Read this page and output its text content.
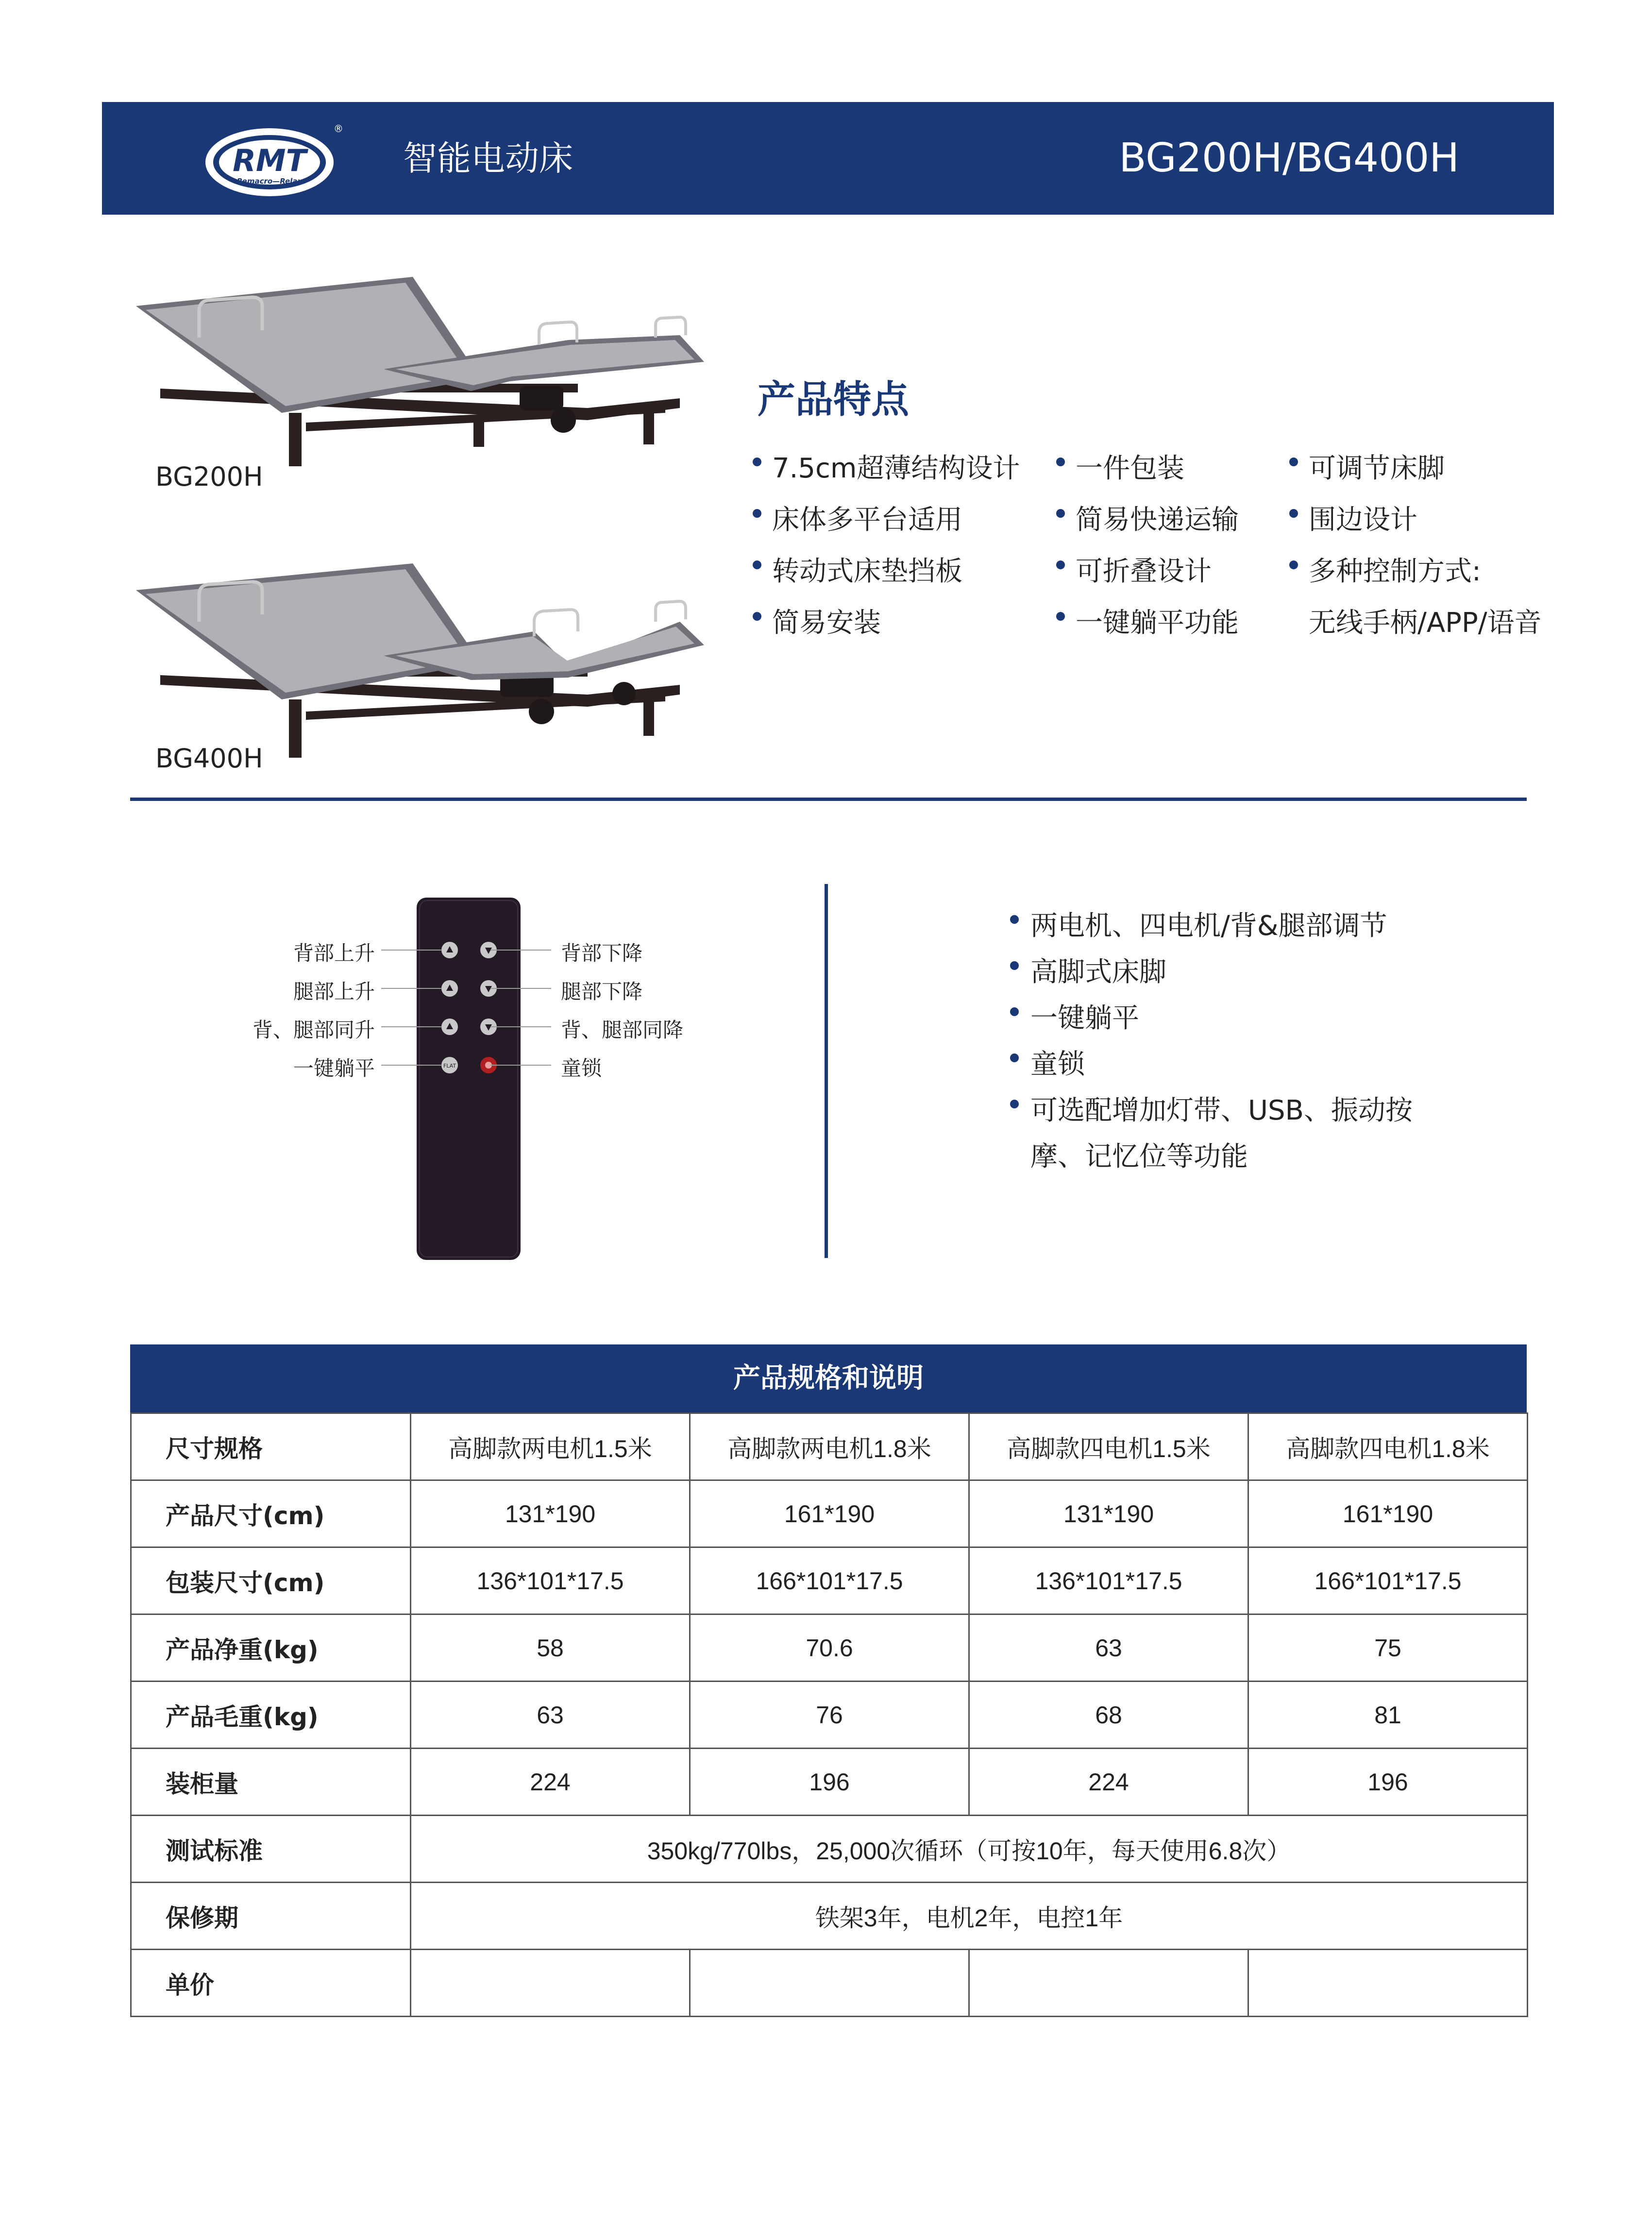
RMT
Remacro—Relax
®
智能电动床	BG200H/BG400H
BG200H
BG400H
产品特点
7.5cm超薄结构设计
床体多平台适用
转动式床垫挡板
简易安装
一件包装
简易快递运输
可折叠设计
一键躺平功能
可调节床脚
围边设计
多种控制方式:
无线手柄/APP/语音
FLAT
背部上升
腿部上升
背、腿部同升
一键躺平
背部下降
腿部下降
背、腿部同降
童锁
两电机、四电机/背&腿部调节
高脚式床脚
一键躺平
童锁
可选配增加灯带、USB、振动按
摩、记忆位等功能
产品规格和说明
尺寸规格	高脚款两电机1.5米	高脚款两电机1.8米	高脚款四电机1.5米	高脚款四电机1.8米
产品尺寸(cm)	131*190	161*190	131*190	161*190
包装尺寸(cm)	136*101*17.5	166*101*17.5	136*101*17.5	166*101*17.5
产品净重(kg)	58	70.6	63	75
产品毛重(kg)	63	76	68	81
装柜量	224	196	224	196
测试标准	350kg/770lbs，25,000次循环（可按10年，每天使用6.8次）			
保修期	铁架3年，电机2年，电控1年			
单价				
